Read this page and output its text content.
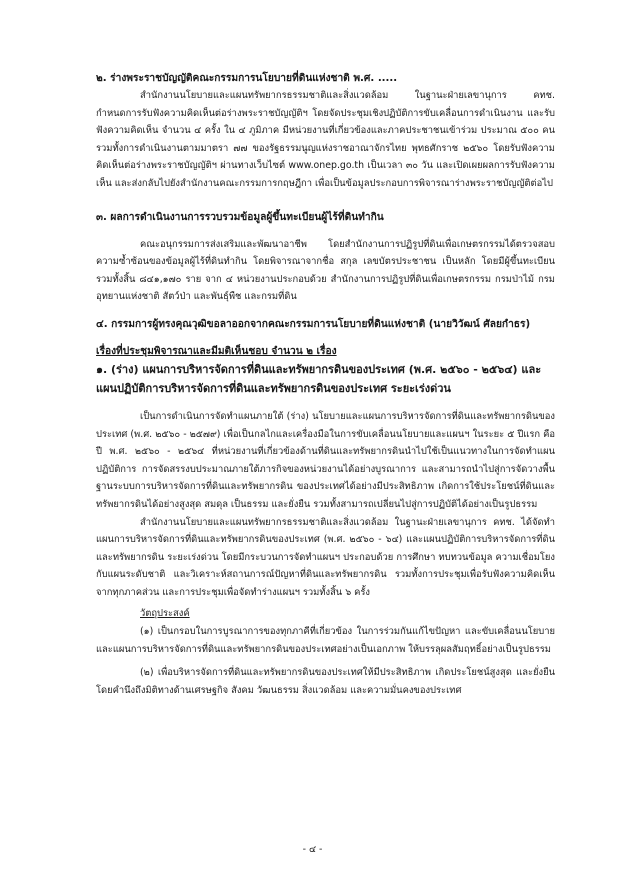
๒. ร่างพระราชบัญญัติคณะกรรมการนโยบายที่ดินแห่งชาติ พ.ศ. .....

สำนักงานนโยบายและแผนทรัพยากรธรรมชาติและสิ่งแวดล้อม ในฐานะฝ่ายเลขานุการ คทช. กำหนดการรับฟังความคิดเห็นต่อร่างพระราชบัญญัติฯ โดยจัดประชุมเชิงปฏิบัติการขับเคลื่อนการดำเนินงาน และรับฟังความคิดเห็น จำนวน ๔ ครั้ง ใน ๔ ภูมิภาค มีหน่วยงานที่เกี่ยวข้องและภาคประชาชนเข้าร่วม ประมาณ ๕๐๐ คน รวมทั้งการดำเนินงานตามมาตรา ๗๗ ของรัฐธรรมนูญแห่งราชอาณาจักรไทย พุทธศักราช ๒๕๖๐ โดยรับฟังความคิดเห็นต่อร่างพระราชบัญญัติฯ ผ่านทางเว็บไซต์ www.onep.go.th เป็นเวลา ๓๐ วัน และเปิดเผยผลการรับฟังความเห็น และส่งกลับไปยังสำนักงานคณะกรรมการกฤษฎีกา เพื่อเป็นข้อมูลประกอบการพิจารณาร่างพระราชบัญญัติต่อไป

๓. ผลการดำเนินงานการรวบรวมข้อมูลผู้ขึ้นทะเบียนผู้ไร้ที่ดินทำกิน

คณะอนุกรรมการส่งเสริมและพัฒนาอาชีพ โดยสำนักงานการปฏิรูปที่ดินเพื่อเกษตรกรรมได้ตรวจสอบความซ้ำซ้อนของข้อมูลผู้ไร้ที่ดินทำกิน โดยพิจารณาจากชื่อ สกุล เลขบัตรประชาชน เป็นหลัก โดยมีผู้ขึ้นทะเบียนรวมทั้งสิ้น ๘๔๑,๑๗๐ ราย จาก ๔ หน่วยงานประกอบด้วย สำนักงานการปฏิรูปที่ดินเพื่อเกษตรกรรม กรมป่าไม้ กรมอุทยานแห่งชาติ สัตว์ป่า และพันธุ์พืช และกรมที่ดิน

๔. กรรมการผู้ทรงคุณวุฒิขอลาออกจากคณะกรรมการนโยบายที่ดินแห่งชาติ (นายวิวัฒน์ ศัลยกำธร)

เรื่องที่ประชุมพิจารณาและมีมติเห็นชอบ จำนวน ๒ เรื่อง

๑. (ร่าง) แผนการบริหารจัดการที่ดินและทรัพยากรดินของประเทศ (พ.ศ. ๒๕๖๐ - ๒๕๖๔) และแผนปฏิบัติการบริหารจัดการที่ดินและทรัพยากรดินของประเทศ ระยะเร่งด่วน

เป็นการดำเนินการจัดทำแผนภายใต้ (ร่าง) นโยบายและแผนการบริหารจัดการที่ดินและทรัพยากรดินของประเทศ (พ.ศ. ๒๕๖๐ - ๒๕๗๙) เพื่อเป็นกลไกและเครื่องมือในการขับเคลื่อนนโยบายและแผนฯ ในระยะ ๕ ปีแรก คือ ปี พ.ศ. ๒๕๖๐ - ๒๕๖๔ ที่หน่วยงานที่เกี่ยวข้องด้านที่ดินและทรัพยากรดินนำไปใช้เป็นแนวทางในการจัดทำแผนปฏิบัติการ การจัดสรรงบประมาณภายใต้ภารกิจของหน่วยงานได้อย่างบูรณาการ และสามารถนำไปสู่การจัดวางพื้นฐานระบบการบริหารจัดการที่ดินและทรัพยากรดิน ของประเทศได้อย่างมีประสิทธิภาพ เกิดการใช้ประโยชน์ที่ดินและทรัพยากรดินได้อย่างสูงสุด สมดุล เป็นธรรม และยั่งยืน รวมทั้งสามารถเปลี่ยนไปสู่การปฏิบัติได้อย่างเป็นรูปธรรม

สำนักงานนโยบายและแผนทรัพยากรธรรมชาติและสิ่งแวดล้อม ในฐานะฝ่ายเลขานุการ คทช. ได้จัดทำแผนการบริหารจัดการที่ดินและทรัพยากรดินของประเทศ (พ.ศ. ๒๕๖๐ - ๖๔) และแผนปฏิบัติการบริหารจัดการที่ดินและทรัพยากรดิน ระยะเร่งด่วน โดยมีกระบวนการจัดทำแผนฯ ประกอบด้วย การศึกษา ทบทวนข้อมูล ความเชื่อมโยงกับแผนระดับชาติ และวิเคราะห์สถานการณ์ปัญหาที่ดินและทรัพยากรดิน รวมทั้งการประชุมเพื่อรับฟังความคิดเห็นจากทุกภาคส่วน และการประชุมเพื่อจัดทำร่างแผนฯ รวมทั้งสิ้น ๖ ครั้ง

วัตถุประสงค์

(๑) เป็นกรอบในการบูรณาการของทุกภาคีที่เกี่ยวข้อง ในการร่วมกันแก้ไขปัญหา และขับเคลื่อนนโยบาย และแผนการบริหารจัดการที่ดินและทรัพยากรดินของประเทศอย่างเป็นเอกภาพ ให้บรรลุผลสัมฤทธิ์อย่างเป็นรูปธรรม

(๒) เพื่อบริหารจัดการที่ดินและทรัพยากรดินของประเทศให้มีประสิทธิภาพ เกิดประโยชน์สูงสุด และยั่งยืน โดยคำนึงถึงมิติทางด้านเศรษฐกิจ สังคม วัฒนธรรม สิ่งแวดล้อม และความมั่นคงของประเทศ

- ๔ -
